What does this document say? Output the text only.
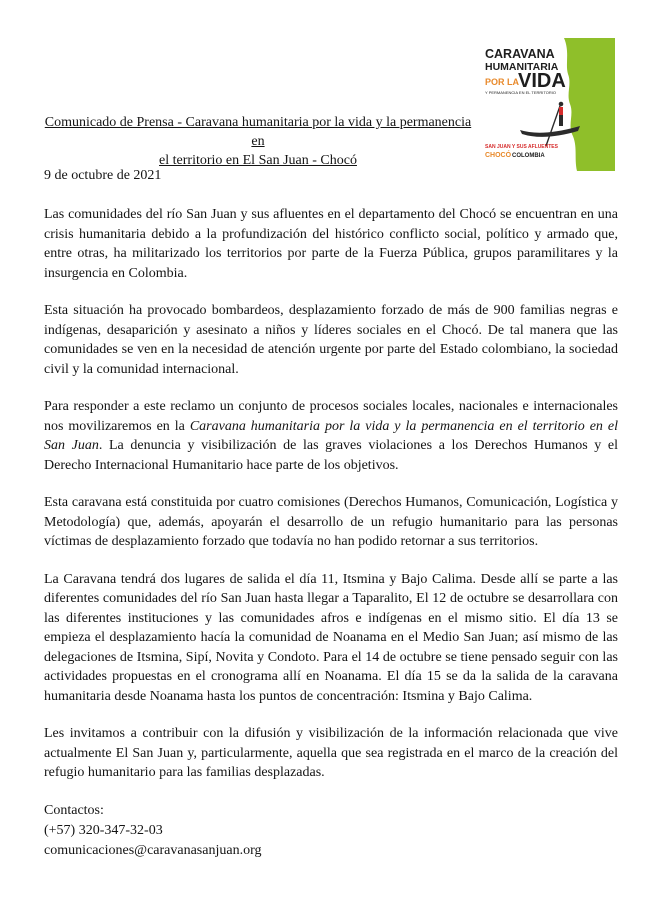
CARAVANA
HUMANITARIA
POR LA
VIDA
Y PERMANENCIA EN EL TERRITORIO
SAN JUAN Y SUS AFLUENTES
CHOCÓ COLOMBIA
Comunicado de Prensa - Caravana humanitaria por la vida y la permanencia en
el territorio en El San Juan - Chocó
9 de octubre de 2021

Las comunidades del río San Juan y sus afluentes en el departamento del Chocó se encuentran en una crisis humanitaria debido a la profundización del histórico conflicto social, político y armado que, entre otras, ha militarizado los territorios por parte de la Fuerza Pública, grupos paramilitares y la insurgencia en Colombia.

Esta situación ha provocado bombardeos, desplazamiento forzado de más de 900 familias negras e indígenas, desaparición y asesinato a niños y líderes sociales en el Chocó. De tal manera que las comunidades se ven en la necesidad de atención urgente por parte del Estado colombiano, la sociedad civil y la comunidad internacional.

Para responder a este reclamo un conjunto de procesos sociales locales, nacionales e internacionales nos movilizaremos en la Caravana humanitaria por la vida y la permanencia en el territorio en el San Juan. La denuncia y visibilización de las graves violaciones a los Derechos Humanos y el Derecho Internacional Humanitario hace parte de los objetivos.

Esta caravana está constituida por cuatro comisiones (Derechos Humanos, Comunicación, Logística y Metodología) que, además, apoyarán el desarrollo de un refugio humanitario para las personas víctimas de desplazamiento forzado que todavía no han podido retornar a sus territorios.

La Caravana tendrá dos lugares de salida el día 11, Itsmina y Bajo Calima. Desde allí se parte a las diferentes comunidades del río San Juan hasta llegar a Taparalito, El 12 de octubre se desarrollara con las diferentes instituciones y las comunidades afros e indígenas en el mismo sitio. El día 13 se empieza el desplazamiento hacía la comunidad de Noanama en el Medio San Juan; así mismo de las delegaciones de Itsmina, Sipí, Novita y Condoto. Para el 14 de octubre se tiene pensado seguir con las actividades propuestas en el cronograma allí en Noanama. El día 15 se da la salida de la caravana humanitaria desde Noanama hasta los puntos de concentración: Itsmina y Bajo Calima.

Les invitamos a contribuir con la difusión y visibilización de la información relacionada que vive actualmente El San Juan y, particularmente, aquella que sea registrada en el marco de la creación del refugio humanitario para las familias desplazadas.

Contactos:
(+57) 320-347-32-03
comunicaciones@caravanasanjuan.org
